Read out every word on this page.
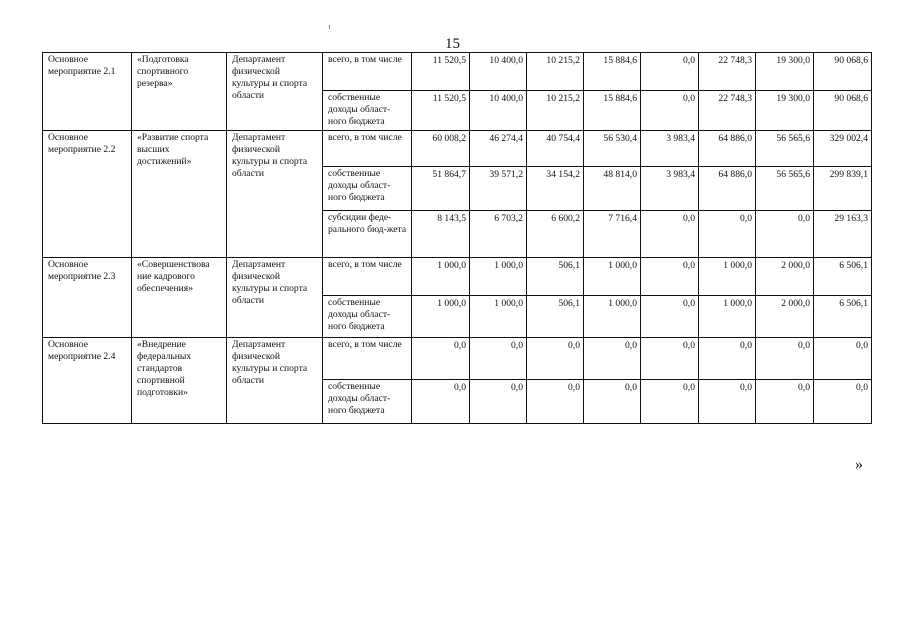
15
Основное мероприятие 2.1	«Подготовка спортивного резерва»	Департамент физической культуры и спорта области	всего, в том числе	11 520,5	10 400,0	10 215,2	15 884,6	0,0	22 748,3	19 300,0	90 068,6
			собственные доходы област-ного бюджета	11 520,5	10 400,0	10 215,2	15 884,6	0,0	22 748,3	19 300,0	90 068,6
Основное мероприятие 2.2	«Развитие спорта высших достижений»	Департамент физической культуры и спорта области	всего, в том числе	60 008,2	46 274,4	40 754,4	56 530,4	3 983,4	64 886,0	56 565,6	329 002,4
			собственные доходы област-ного бюджета	51 864,7	39 571,2	34 154,2	48 814,0	3 983,4	64 886,0	56 565,6	299 839,1
			субсидии феде-рального бюд-жета	8 143,5	6 703,2	6 600,2	7 716,4	0,0	0,0	0,0	29 163,3
Основное мероприятие 2.3	«Совершенствова ние кадрового обеспечения»	Департамент физической культуры и спорта области	всего, в том числе	1 000,0	1 000,0	506,1	1 000,0	0,0	1 000,0	2 000,0	6 506,1
			собственные доходы област-ного бюджета	1 000,0	1 000,0	506,1	1 000,0	0,0	1 000,0	2 000,0	6 506,1
Основное мероприятие 2.4	«Внедрение федеральных стандартов спортивной подготовки»	Департамент физической культуры и спорта области	всего, в том числе	0,0	0,0	0,0	0,0	0,0	0,0	0,0	0,0
			собственные доходы област-ного бюджета	0,0	0,0	0,0	0,0	0,0	0,0	0,0	0,0
»
